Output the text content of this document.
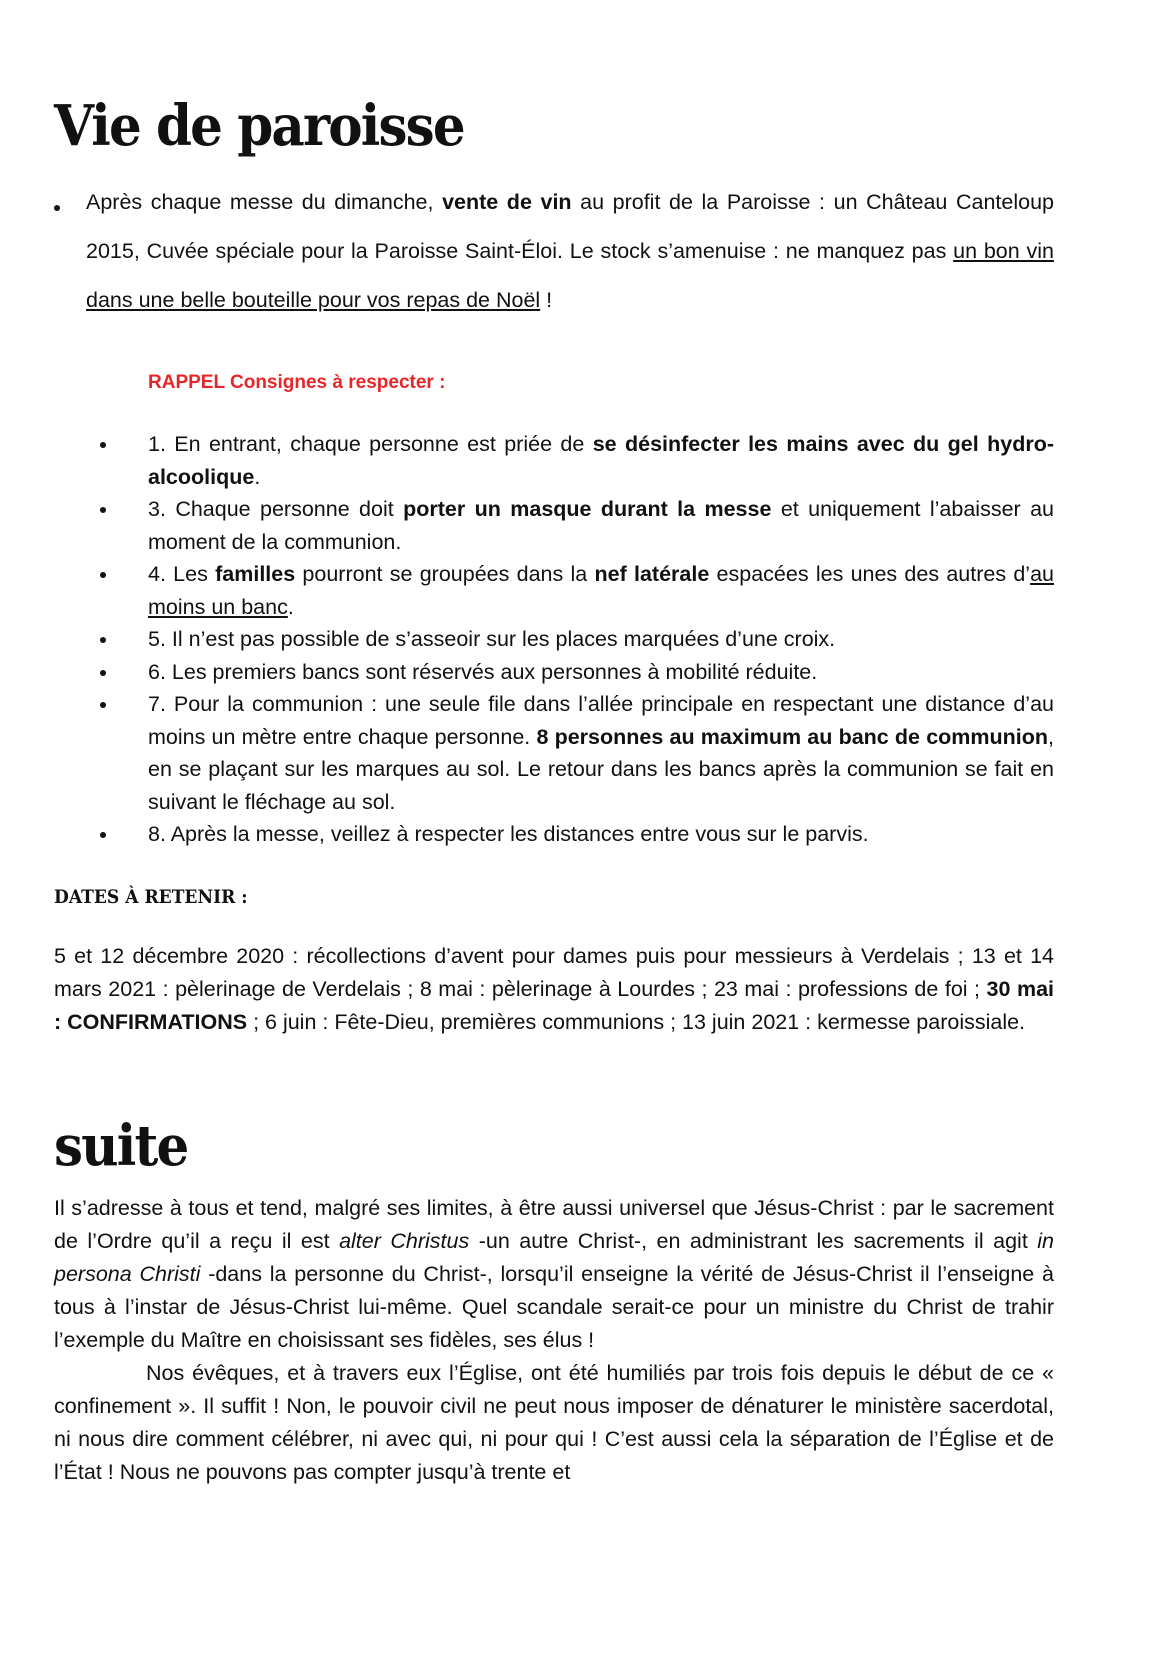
Vie de paroisse
Après chaque messe du dimanche, vente de vin au profit de la Paroisse : un Château Canteloup 2015, Cuvée spéciale pour la Paroisse Saint-Éloi. Le stock s’amenuise : ne manquez pas un bon vin dans une belle bouteille pour vos repas de Noël !
RAPPEL Consignes à respecter :
1. En entrant, chaque personne est priée de se désinfecter les mains avec du gel hydro-alcoolique.
3. Chaque personne doit porter un masque durant la messe et uniquement l’abaisser au moment de la communion.
4. Les familles pourront se groupées dans la nef latérale espacées les unes des autres d’au moins un banc.
5. Il n’est pas possible de s’asseoir sur les places marquées d’une croix.
6. Les premiers bancs sont réservés aux personnes à mobilité réduite.
7. Pour la communion : une seule file dans l’allée principale en respectant une distance d’au moins un mètre entre chaque personne. 8 personnes au maximum au banc de communion, en se plaçant sur les marques au sol. Le retour dans les bancs après la communion se fait en suivant le fléchage au sol.
8. Après la messe, veillez à respecter les distances entre vous sur le parvis.
DATES À RETENIR :
5 et 12 décembre 2020 : récollections d’avent pour dames puis pour messieurs à Verdelais ; 13 et 14 mars 2021 : pèlerinage de Verdelais ; 8 mai : pèlerinage à Lourdes ; 23 mai : professions de foi ; 30 mai : CONFIRMATIONS ; 6 juin : Fête-Dieu, premières communions ; 13 juin 2021 : kermesse paroissiale.
suite
Il s’adresse à tous et tend, malgré ses limites, à être aussi universel que Jésus-Christ : par le sacrement de l’Ordre qu’il a reçu il est alter Christus -un autre Christ-, en administrant les sacrements il agit in persona Christi -dans la personne du Christ-, lorsqu’il enseigne la vérité de Jésus-Christ il l’enseigne à tous à l’instar de Jésus-Christ lui-même. Quel scandale serait-ce pour un ministre du Christ de trahir l’exemple du Maître en choisissant ses fidèles, ses élus !
Nos évêques, et à travers eux l’Église, ont été humiliés par trois fois depuis le début de ce « confinement ». Il suffit ! Non, le pouvoir civil ne peut nous imposer de dénaturer le ministère sacerdotal, ni nous dire comment célébrer, ni avec qui, ni pour qui ! C’est aussi cela la séparation de l’Église et de l’État ! Nous ne pouvons pas compter jusqu’à trente et
